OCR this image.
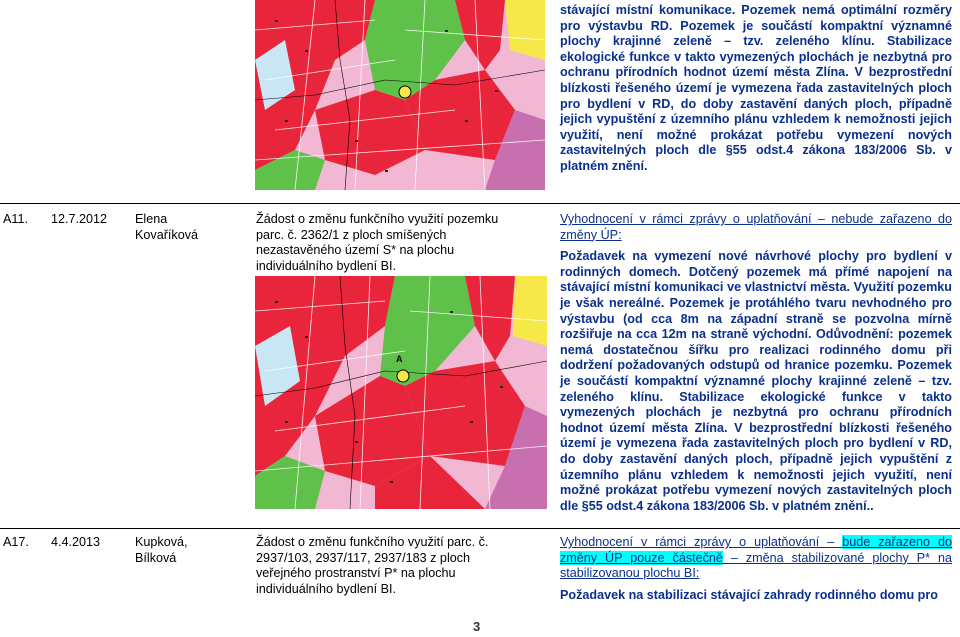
stávající místní komunikace. Pozemek nemá optimální rozměry pro výstavbu RD. Pozemek je součástí kompaktní významné plochy krajinné zeleně – tzv. zeleného klínu. Stabilizace ekologické funkce v takto vymezených plochách je nezbytná pro ochranu přírodních hodnot území města Zlína. V bezprostřední blízkosti řešeného území je vymezena řada zastavitelných ploch pro bydlení v RD, do doby zastavění daných ploch, případně jejich vypuštění z územního plánu vzhledem k nemožnosti jejich využití, není možné prokázat potřebu vymezení nových zastavitelných ploch dle §55 odst.4 zákona 183/2006 Sb. v platném znění.
A11. 12.7.2012 Elena
Kovaříková
Žádost o změnu funkčního využití pozemku parc. č. 2362/1 z ploch smíšených nezastavěného území S* na plochu individuálního bydlení BI.
A
Vyhodnocení v rámci zprávy o uplatňování – nebude zařazeno do změny ÚP:
Požadavek na vymezení nové návrhové plochy pro bydlení v rodinných domech. Dotčený pozemek má přímé napojení na stávající místní komunikaci ve vlastnictví města. Využití pozemku je však nereálné. Pozemek je protáhlého tvaru nevhodného pro výstavbu (od cca 8m na západní straně se pozvolna mírně rozšiřuje na cca 12m na straně východní. Odůvodnění: pozemek nemá dostatečnou šířku pro realizaci rodinného domu při dodržení požadovaných odstupů od hranice pozemku. Pozemek je součástí kompaktní významné plochy krajinné zeleně – tzv. zeleného klínu. Stabilizace ekologické funkce v takto vymezených plochách je nezbytná pro ochranu přírodních hodnot území města Zlína. V bezprostřední blízkosti řešeného území je vymezena řada zastavitelných ploch pro bydlení v RD, do doby zastavění daných ploch, případně jejich vypuštění z územního plánu vzhledem k nemožnosti jejich využití, není možné prokázat potřebu vymezení nových zastavitelných ploch dle §55 odst.4 zákona 183/2006 Sb. v platném znění..
A17. 4.4.2013	Kupková,
Bílková
Žádost o změnu funkčního využití parc. č. 2937/103, 2937/117, 2937/183 z ploch veřejného prostranství P* na plochu individuálního bydlení BI.
Vyhodnocení v rámci zprávy o uplatňování – bude zařazeno do změny ÚP pouze částečně – změna stabilizované plochy P* na stabilizovanou plochu BI:
Požadavek na stabilizaci stávající zahrady rodinného domu pro
3
